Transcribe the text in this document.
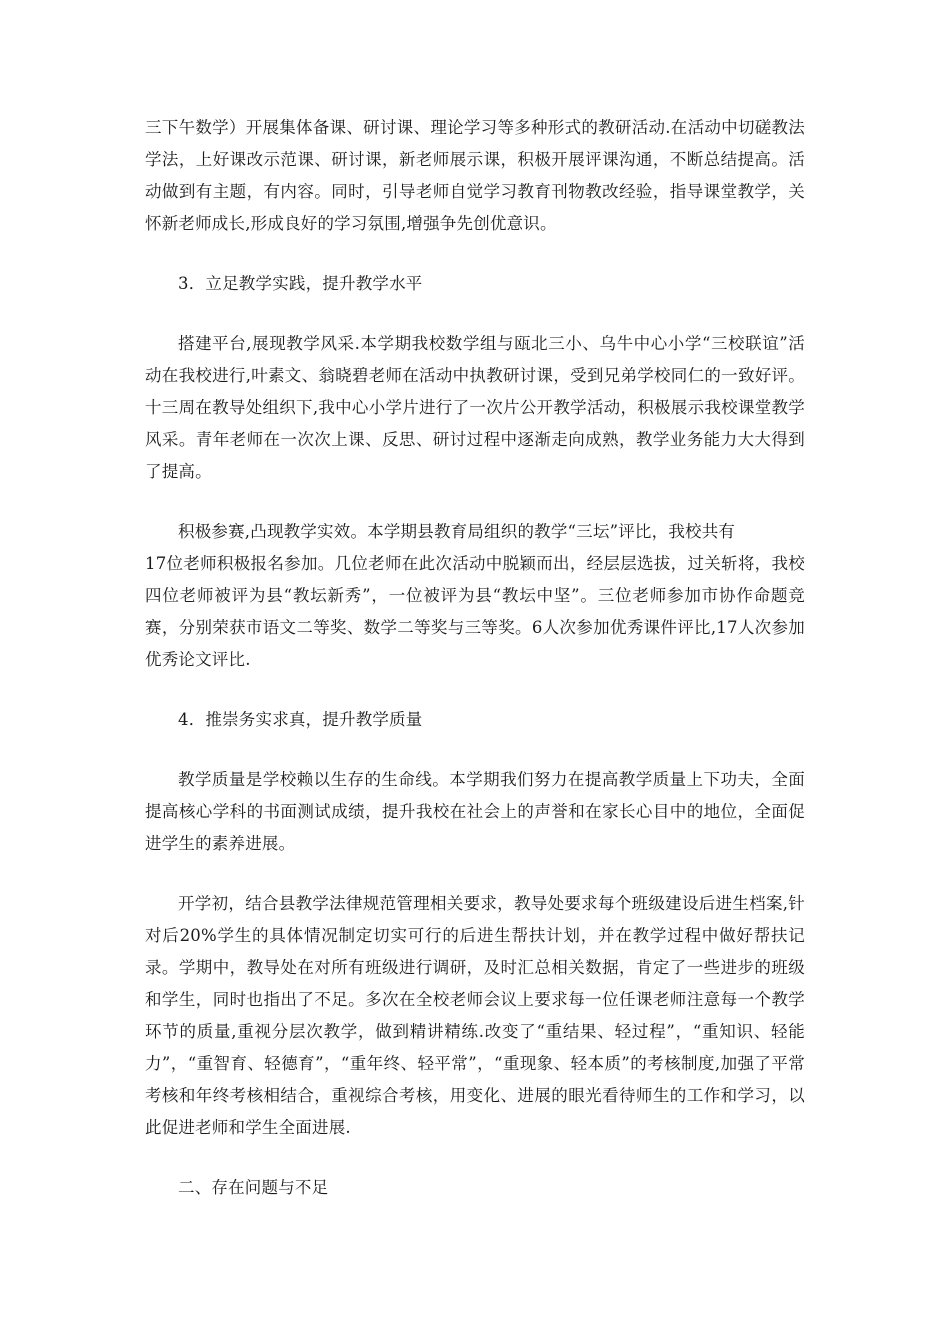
三下午数学）开展集体备课、研讨课、理论学习等多种形式的教研活动.在活动中切磋教法学法，上好课改示范课、研讨课，新老师展示课，积极开展评课沟通，不断总结提高。活动做到有主题，有内容。同时，引导老师自觉学习教育刊物教改经验，指导课堂教学，关怀新老师成长,形成良好的学习氛围,增强争先创优意识。

3．立足教学实践，提升教学水平

搭建平台,展现教学风采.本学期我校数学组与瓯北三小、乌牛中心小学“三校联谊”活动在我校进行,叶素文、翁晓碧老师在活动中执教研讨课，受到兄弟学校同仁的一致好评。十三周在教导处组织下,我中心小学片进行了一次片公开教学活动，积极展示我校课堂教学风采。青年老师在一次次上课、反思、研讨过程中逐渐走向成熟，教学业务能力大大得到了提高。

积极参赛,凸现教学实效。本学期县教育局组织的教学“三坛”评比，我校共有
17位老师积极报名参加。几位老师在此次活动中脱颖而出，经层层选拔，过关斩将，我校四位老师被评为县“教坛新秀”，一位被评为县“教坛中坚”。三位老师参加市协作命题竞赛，分别荣获市语文二等奖、数学二等奖与三等奖。6人次参加优秀课件评比,17人次参加优秀论文评比.

4．推崇务实求真，提升教学质量

教学质量是学校赖以生存的生命线。本学期我们努力在提高教学质量上下功夫，全面提高核心学科的书面测试成绩，提升我校在社会上的声誉和在家长心目中的地位，全面促进学生的素养进展。

开学初，结合县教学法律规范管理相关要求，教导处要求每个班级建设后进生档案,针对后20%学生的具体情况制定切实可行的后进生帮扶计划，并在教学过程中做好帮扶记录。学期中，教导处在对所有班级进行调研，及时汇总相关数据，肯定了一些进步的班级和学生，同时也指出了不足。多次在全校老师会议上要求每一位任课老师注意每一个教学环节的质量,重视分层次教学，做到精讲精练.改变了“重结果、轻过程”，“重知识、轻能力”，“重智育、轻德育”，“重年终、轻平常”，“重现象、轻本质”的考核制度,加强了平常考核和年终考核相结合，重视综合考核，用变化、进展的眼光看待师生的工作和学习，以此促进老师和学生全面进展.

二、存在问题与不足
